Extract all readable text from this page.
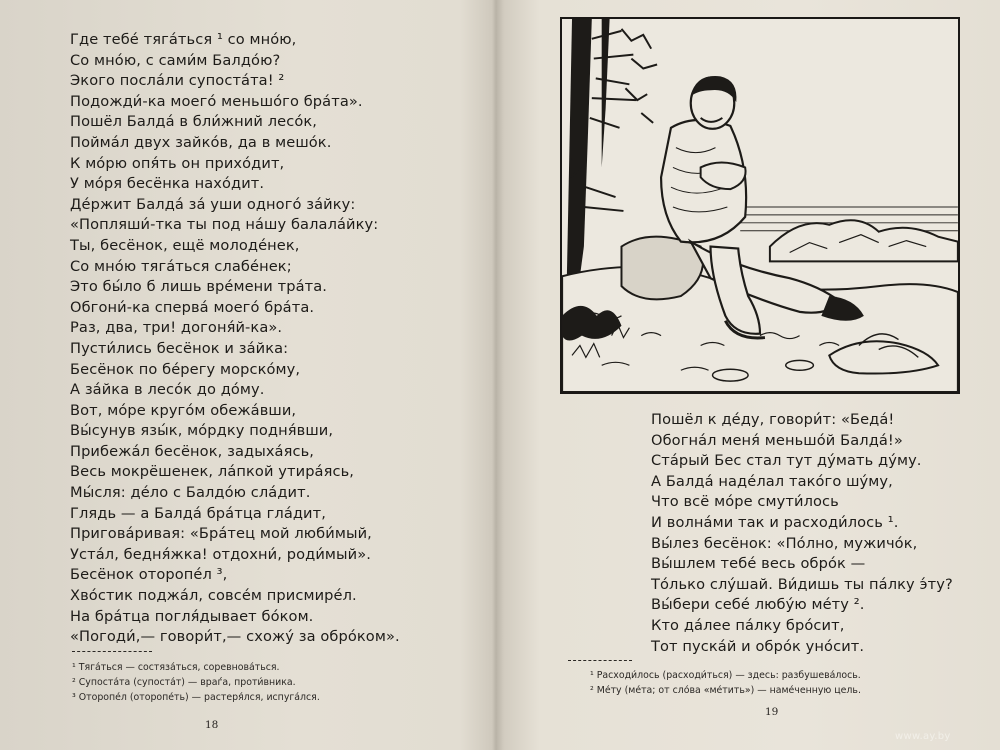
Где тебе́ тяга́ться ¹ со мно́ю,
Со мно́ю, с сами́м Балдо́ю?
Экого посла́ли супоста́та! ²
Подожди́-ка моего́ меньшо́го бра́та».
Пошёл Балда́ в бли́жний лесо́к,
Пойма́л двух зайко́в, да в мешо́к.
К мо́рю опя́ть он прихо́дит,
У мо́ря бесёнка нахо́дит.
Де́ржит Балда́ за́ уши одного́ за́йку:
«Попляши́-тка ты под на́шу балала́йку:
Ты, бесёнок, ещё молоде́нек,
Со мно́ю тяга́ться слабе́нек;
Это бы́ло б лишь вре́мени тра́та.
Обгони́-ка сперва́ моего́ бра́та.
Раз, два, три! догоня́й-ка».
Пусти́лись бесёнок и за́йка:
Бесёнок по бе́регу морско́му,
А за́йка в лесо́к до до́му.
Вот, мо́ре круго́м обежа́вши,
Вы́сунув язы́к, мо́рдку подня́вши,
Прибежа́л бесёнок, задыха́ясь,
Весь мокрёшенек, ла́пкой утира́ясь,
Мы́сля: де́ло с Балдо́ю сла́дит.
Глядь — а Балда́ бра́тца гла́дит,
Пригова́ривая: «Бра́тец мой люби́мый,
Уста́л, бедня́жка! отдохни́, роди́мый».
Бесёнок оторопе́л ³,
Хво́стик поджа́л, совсе́м присмире́л.
На бра́тца погля́дывает бо́ком.
«Погоди́,— говори́т,— схожу́ за обро́ком».
¹ Тяга́ться — состяза́ться, соревнова́ться.
² Супоста́та (супоста́т) — враѓа, проти́вника.
³ Оторопе́л (оторопе́ть) — растеря́лся, испуга́лся.
18
Пошёл к де́ду, говори́т: «Беда́!
Обогна́л меня́ меньшо́й Балда́!»
Ста́рый Бес стал тут ду́мать ду́му.
А Балда́ наде́лал тако́го шу́му,
Что всё мо́ре смути́лось
И волна́ми так и расходи́лось ¹.
Вы́лез бесёнок: «По́лно, мужичо́к,
Вы́шлем тебе́ весь обро́к —
То́лько слу́шай. Ви́дишь ты па́лку э́ту?
Вы́бери себе́ любу́ю ме́ту ².
Кто да́лее па́лку бро́сит,
Тот пуска́й и обро́к уно́сит.
¹ Расходи́лось (расходи́ться) — здесь: разбушева́лось.
² Ме́ту (ме́та; от сло́ва «ме́тить») — наме́ченную цель.
19
www.ay.by
